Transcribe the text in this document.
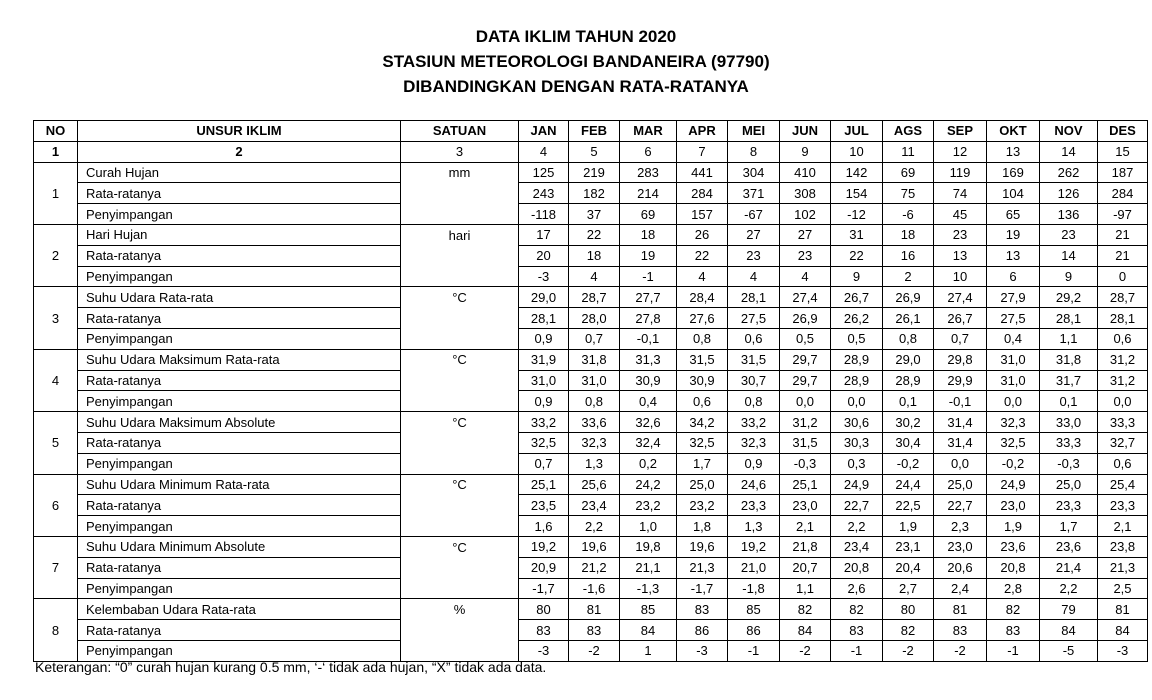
DATA IKLIM TAHUN 2020
STASIUN METEOROLOGI BANDANEIRA (97790)
DIBANDINGKAN DENGAN RATA-RATANYA
NO	UNSUR IKLIM	SATUAN	JAN	FEB	MAR	APR	MEI	JUN	JUL	AGS	SEP	OKT	NOV	DES
1	2	3	4	5	6	7	8	9	10	11	12	13	14	15
1	Curah Hujan	mm	125	219	283	441	304	410	142	69	119	169	262	187
	Rata-ratanya		243	182	214	284	371	308	154	75	74	104	126	284
	Penyimpangan		-118	37	69	157	-67	102	-12	-6	45	65	136	-97
2	Hari Hujan	hari	17	22	18	26	27	27	31	18	23	19	23	21
	Rata-ratanya		20	18	19	22	23	23	22	16	13	13	14	21
	Penyimpangan		-3	4	-1	4	4	4	9	2	10	6	9	0
3	Suhu Udara Rata-rata	°C	29,0	28,7	27,7	28,4	28,1	27,4	26,7	26,9	27,4	27,9	29,2	28,7
	Rata-ratanya		28,1	28,0	27,8	27,6	27,5	26,9	26,2	26,1	26,7	27,5	28,1	28,1
	Penyimpangan		0,9	0,7	-0,1	0,8	0,6	0,5	0,5	0,8	0,7	0,4	1,1	0,6
4	Suhu Udara Maksimum Rata-rata	°C	31,9	31,8	31,3	31,5	31,5	29,7	28,9	29,0	29,8	31,0	31,8	31,2
	Rata-ratanya		31,0	31,0	30,9	30,9	30,7	29,7	28,9	28,9	29,9	31,0	31,7	31,2
	Penyimpangan		0,9	0,8	0,4	0,6	0,8	0,0	0,0	0,1	-0,1	0,0	0,1	0,0
5	Suhu Udara Maksimum Absolute	°C	33,2	33,6	32,6	34,2	33,2	31,2	30,6	30,2	31,4	32,3	33,0	33,3
	Rata-ratanya		32,5	32,3	32,4	32,5	32,3	31,5	30,3	30,4	31,4	32,5	33,3	32,7
	Penyimpangan		0,7	1,3	0,2	1,7	0,9	-0,3	0,3	-0,2	0,0	-0,2	-0,3	0,6
6	Suhu Udara Minimum Rata-rata	°C	25,1	25,6	24,2	25,0	24,6	25,1	24,9	24,4	25,0	24,9	25,0	25,4
	Rata-ratanya		23,5	23,4	23,2	23,2	23,3	23,0	22,7	22,5	22,7	23,0	23,3	23,3
	Penyimpangan		1,6	2,2	1,0	1,8	1,3	2,1	2,2	1,9	2,3	1,9	1,7	2,1
7	Suhu Udara Minimum Absolute	°C	19,2	19,6	19,8	19,6	19,2	21,8	23,4	23,1	23,0	23,6	23,6	23,8
	Rata-ratanya		20,9	21,2	21,1	21,3	21,0	20,7	20,8	20,4	20,6	20,8	21,4	21,3
	Penyimpangan		-1,7	-1,6	-1,3	-1,7	-1,8	1,1	2,6	2,7	2,4	2,8	2,2	2,5
8	Kelembaban Udara Rata-rata	%	80	81	85	83	85	82	82	80	81	82	79	81
	Rata-ratanya		83	83	84	86	86	84	83	82	83	83	84	84
	Penyimpangan		-3	-2	1	-3	-1	-2	-1	-2	-2	-1	-5	-3
Keterangan: “0” curah hujan kurang 0.5 mm, ‘-‘ tidak ada hujan, “X” tidak ada data.
